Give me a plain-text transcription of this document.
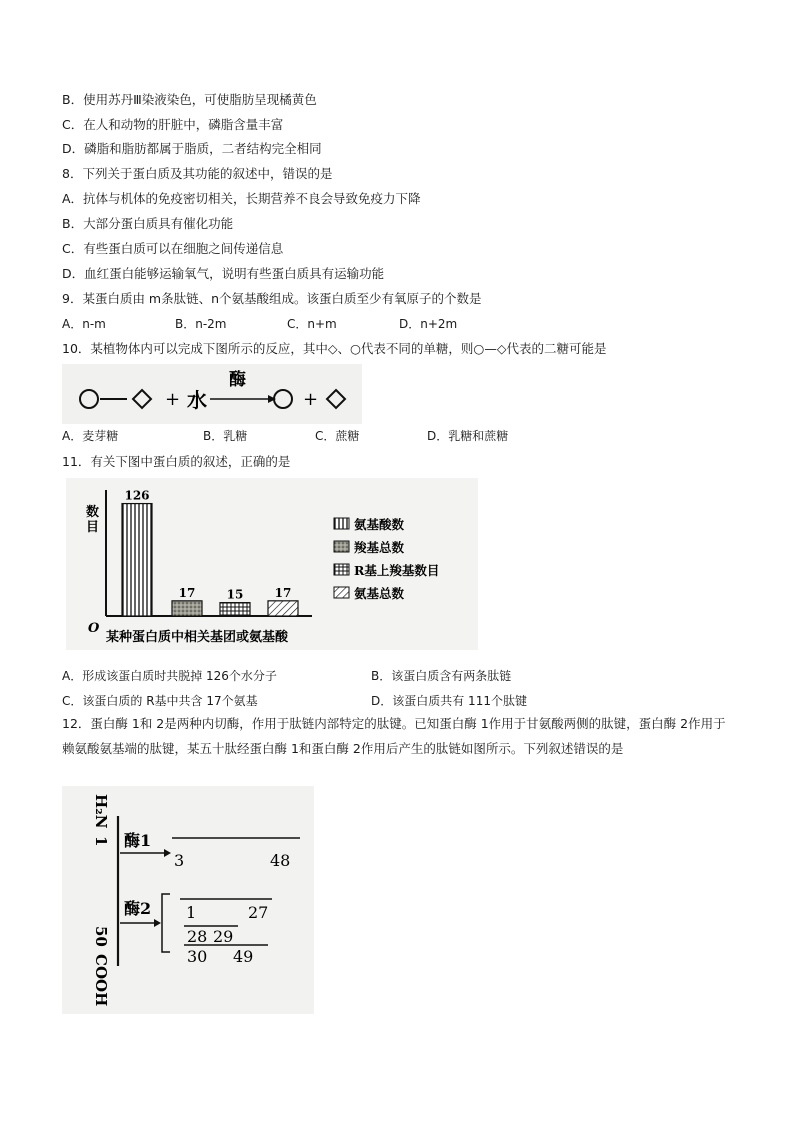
B．使用苏丹Ⅲ染液染色，可使脂肪呈现橘黄色
C．在人和动物的肝脏中，磷脂含量丰富
D．磷脂和脂肪都属于脂质，二者结构完全相同
8．下列关于蛋白质及其功能的叙述中，错误的是
A．抗体与机体的免疫密切相关，长期营养不良会导致免疫力下降
B．大部分蛋白质具有催化功能
C．有些蛋白质可以在细胞之间传递信息
D．血红蛋白能够运输氧气，说明有些蛋白质具有运输功能
9．某蛋白质由 m条肽链、n个氨基酸组成。该蛋白质至少有氧原子的个数是
A．n-m	B．n-2m	C．n+m	D．n+2m
10．某植物体内可以完成下图所示的反应，其中◇、○代表不同的单糖，则○—◇代表的二糖可能是
+ 水
酶
+
A．麦芽糖	B．乳糖	C．蔗糖	D．乳糖和蔗糖
11．有关下图中蛋白质的叙述，正确的是
数目
O
某种蛋白质中相关基团或氨基酸
126
17	15	17
氨基酸数
羧基总数
R基上羧基数目
氨基总数
A．形成该蛋白质时共脱掉 126个水分子	B．该蛋白质含有两条肽链
C．该蛋白质的 R基中共含 17个氨基	D．该蛋白质共有 111个肽键
12．蛋白酶 1和 2是两种内切酶，作用于肽链内部特定的肽键。已知蛋白酶 1作用于甘氨酸两侧的肽键，蛋白酶 2作用于赖氨酸氨基端的肽键，某五十肽经蛋白酶 1和蛋白酶 2作用后产生的肽链如图所示。下列叙述错误的是
H₂N
1
50
COOH
酶1
3	48
酶2 1	27
28 29
30 49
